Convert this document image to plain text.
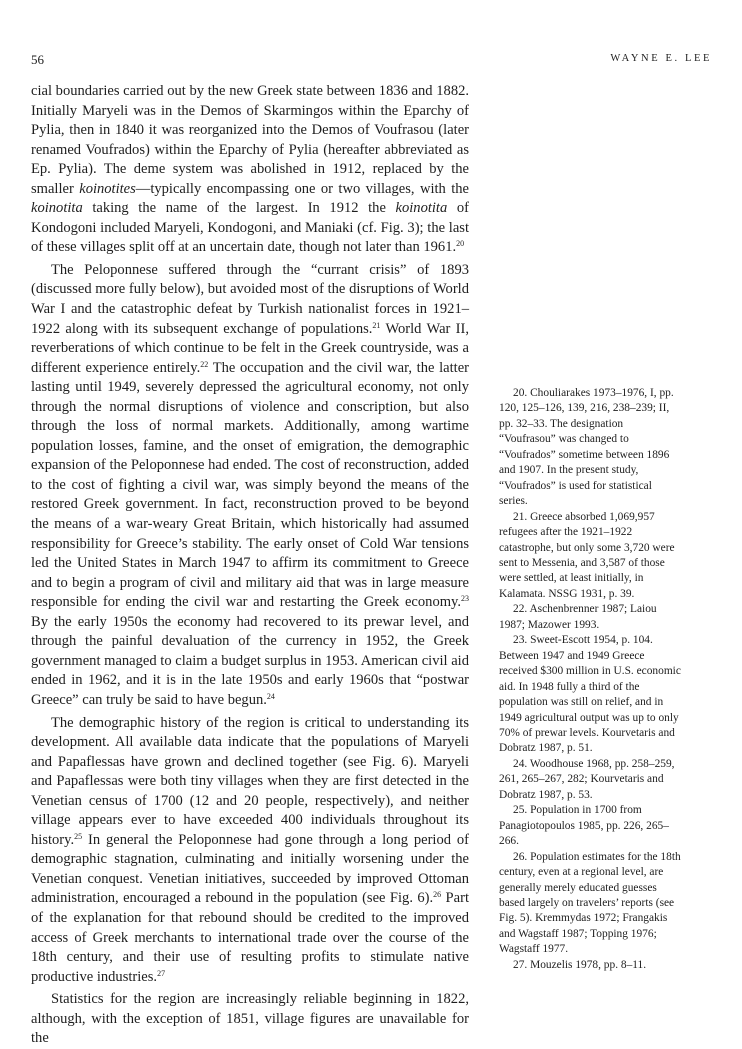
56	WAYNE E. LEE

cial boundaries carried out by the new Greek state between 1836 and 1882. Initially Maryeli was in the Demos of Skarmingos within the Eparchy of Pylia, then in 1840 it was reorganized into the Demos of Voufrasou (later renamed Voufrados) within the Eparchy of Pylia (hereafter abbreviated as Ep. Pylia). The deme system was abolished in 1912, replaced by the smaller koinotites—typically encompassing one or two villages, with the koinotita taking the name of the largest. In 1912 the koinotita of Kondogoni included Maryeli, Kondogoni, and Maniaki (cf. Fig. 3); the last of these villages split off at an uncertain date, though not later than 1961.20

The Peloponnese suffered through the “currant crisis” of 1893 (discussed more fully below), but avoided most of the disruptions of World War I and the catastrophic defeat by Turkish nationalist forces in 1921–1922 along with its subsequent exchange of populations.$^{21}$ World War II, reverberations of which continue to be felt in the Greek countryside, was a different experience entirely.$^{22}$ The occupation and the civil war, the latter lasting until 1949, severely depressed the agricultural economy, not only through the normal disruptions of violence and conscription, but also through the loss of normal markets. Additionally, among wartime population losses, famine, and the onset of emigration, the demographic expansion of the Peloponnese had ended. The cost of reconstruction, added to the cost of fighting a civil war, was simply beyond the means of the restored Greek government. In fact, reconstruction proved to be beyond the means of a war-weary Great Britain, which historically had assumed responsibility for Greece’s stability. The early onset of Cold War tensions led the United States in March 1947 to affirm its commitment to Greece and to begin a program of civil and military aid that was in large measure responsible for ending the civil war and restarting the Greek economy.$^{23}$ By the early 1950s the economy had recovered to its prewar level, and through the painful devaluation of the currency in 1952, the Greek government managed to claim a budget surplus in 1953. American civil aid ended in 1962, and it is in the late 1950s and early 1960s that “postwar Greece” can truly be said to have begun.$^{24}$

The demographic history of the region is critical to understanding its development. All available data indicate that the populations of Maryeli and Papaflessas have grown and declined together (see Fig. 6). Maryeli and Papaflessas were both tiny villages when they are first detected in the Venetian census of 1700 (12 and 20 people, respectively), and neither village appears ever to have exceeded 400 individuals throughout its history.$^{25}$ In general the Peloponnese had gone through a long period of demographic stagnation, culminating and initially worsening under the Venetian conquest. Venetian initiatives, succeeded by improved Ottoman administration, encouraged a rebound in the population (see Fig. 6).$^{26}$ Part of the explanation for that rebound should be credited to the improved access of Greek merchants to international trade over the course of the 18th century, and their use of resulting profits to stimulate native productive industries.$^{27}$

Statistics for the region are increasingly reliable beginning in 1822, although, with the exception of 1851, village figures are unavailable for the

20. Chouliarakes 1973–1976, I, pp. 120, 125–126, 139, 216, 238–239; II, pp. 32–33. The designation “Voufrasou” was changed to “Voufrados” sometime between 1896 and 1907. In the present study, “Voufrados” is used for statistical series.

21. Greece absorbed 1,069,957 refugees after the 1921–1922 catastrophe, but only some 3,720 were sent to Messenia, and 3,587 of those were settled, at least initially, in Kalamata. NSSG 1931, p. 39.

22. Aschenbrenner 1987; Laiou 1987; Mazower 1993.

23. Sweet-Escott 1954, p. 104. Between 1947 and 1949 Greece received $300 million in U.S. economic aid. In 1948 fully a third of the population was still on relief, and in 1949 agricultural output was up to only 70% of prewar levels. Kourvetaris and Dobratz 1987, p. 51.

24. Woodhouse 1968, pp. 258–259, 261, 265–267, 282; Kourvetaris and Dobratz 1987, p. 53.

25. Population in 1700 from Panagiotopoulos 1985, pp. 226, 265–266.

26. Population estimates for the 18th century, even at a regional level, are generally merely educated guesses based largely on travelers’ reports (see Fig. 5). Kremmydas 1972; Frangakis and Wagstaff 1987; Topping 1976; Wagstaff 1977.

27. Mouzelis 1978, pp. 8–11.
